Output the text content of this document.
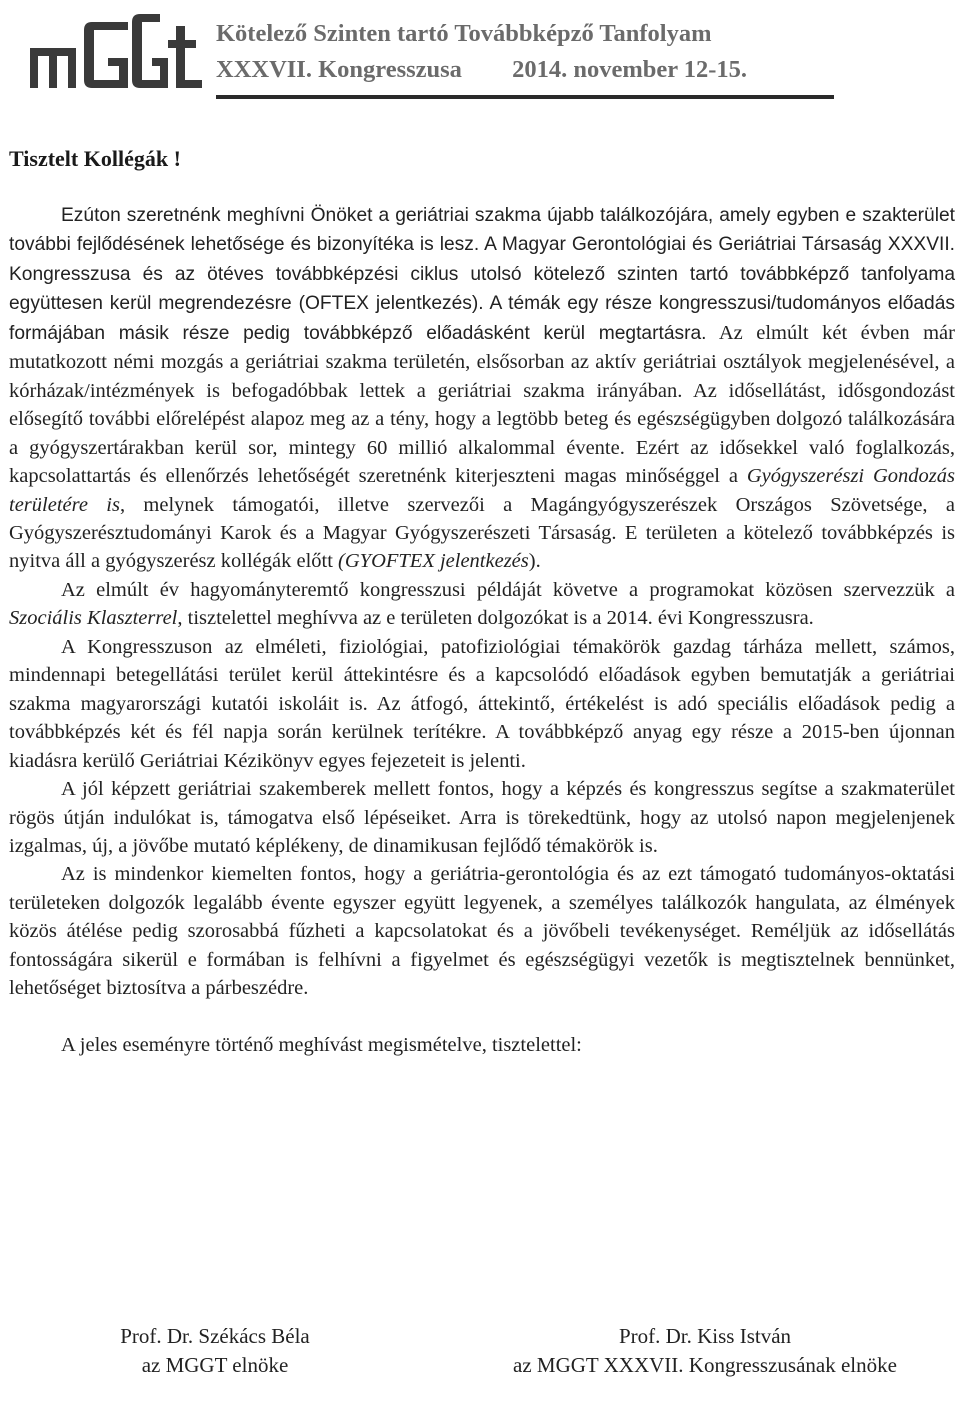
Kötelező Szinten tartó Továbbképző Tanfolyam
XXXVII. Kongresszusa 2014. november 12-15.
Tisztelt Kollégák !

Ezúton szeretnénk meghívni Önöket a geriátriai szakma újabb találkozójára, amely egyben e szakterület további fejlődésének lehetősége és bizonyítéka is lesz. A Magyar Gerontológiai és Geriátriai Társaság XXXVII. Kongresszusa és az ötéves továbbképzési ciklus utolsó kötelező szinten tartó továbbképző tanfolyama együttesen kerül megrendezésre (OFTEX jelentkezés). A témák egy része kongresszusi/tudományos előadás formájában másik része pedig továbbképző előadásként kerül megtartásra. Az elmúlt két évben már mutatkozott némi mozgás a geriátriai szakma területén, elsősorban az aktív geriátriai osztályok megjelenésével, a kórházak/intézmények is befogadóbbak lettek a geriátriai szakma irányában. Az idősellátást, idősgondozást elősegítő további előrelépést alapoz meg az a tény, hogy a legtöbb beteg és egészségügyben dolgozó találkozására a gyógyszertárakban kerül sor, mintegy 60 millió alkalommal évente. Ezért az idősekkel való foglalkozás, kapcsolattartás és ellenőrzés lehetőségét szeretnénk kiterjeszteni magas minőséggel a Gyógyszerészi Gondozás területére is, melynek támogatói, illetve szervezői a Magángyógyszerészek Országos Szövetsége, a Gyógyszerésztudományi Karok és a Magyar Gyógyszerészeti Társaság. E területen a kötelező továbbképzés is nyitva áll a gyógyszerész kollégák előtt (GYOFTEX jelentkezés).

Az elmúlt év hagyományteremtő kongresszusi példáját követve a programokat közösen szervezzük a Szociális Klaszterrel, tisztelettel meghívva az e területen dolgozókat is a 2014. évi Kongresszusra.

A Kongresszuson az elméleti, fiziológiai, patofiziológiai témakörök gazdag tárháza mellett, számos, mindennapi betegellátási terület kerül áttekintésre és a kapcsolódó előadások egyben bemutatják a geriátriai szakma magyarországi kutatói iskoláit is. Az átfogó, áttekintő, értékelést is adó speciális előadások pedig a továbbképzés két és fél napja során kerülnek terítékre. A továbbképző anyag egy része a 2015-ben újonnan kiadásra kerülő Geriátriai Kézikönyv egyes fejezeteit is jelenti.

A jól képzett geriátriai szakemberek mellett fontos, hogy a képzés és kongresszus segítse a szakmaterület rögös útján indulókat is, támogatva első lépéseiket. Arra is törekedtünk, hogy az utolsó napon megjelenjenek izgalmas, új, a jövőbe mutató képlékeny, de dinamikusan fejlődő témakörök is.

Az is mindenkor kiemelten fontos, hogy a geriátria-gerontológia és az ezt támogató tudományos-oktatási területeken dolgozók legalább évente egyszer együtt legyenek, a személyes találkozók hangulata, az élmények közös átélése pedig szorosabbá fűzheti a kapcsolatokat és a jövőbeli tevékenységet. Reméljük az idősellátás fontosságára sikerül e formában is felhívni a figyelmet és egészségügyi vezetők is megtisztelnek bennünket, lehetőséget biztosítva a párbeszédre.

A jeles eseményre történő meghívást megismételve, tisztelettel:

Prof. Dr. Székács Béla
az MGGT elnöke
Prof. Dr. Kiss István
az MGGT XXXVII. Kongresszusának elnöke
